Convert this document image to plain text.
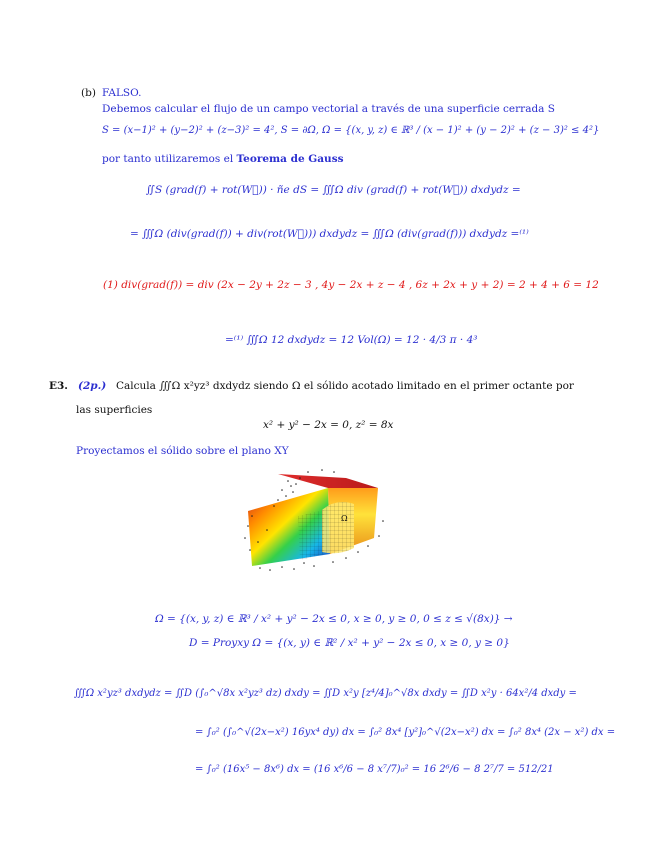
(b) FALSO.
Debemos calcular el flujo de un campo vectorial a través de una superficie cerrada S
S = (x−1)² + (y−2)² + (z−3)² = 4², S = ∂Ω, Ω = {(x, y, z) ∈ ℝ³ / (x − 1)² + (y − 2)² + (z − 3)² ≤ 4²}
por tanto utilizaremos el Teorema de Gauss
∬S (grad(f) + rot(W⃗)) · ñe dS = ∭Ω div (grad(f) + rot(W⃗)) dxdydz =
= ∭Ω (div(grad(f)) + div(rot(W⃗))) dxdydz = ∭Ω (div(grad(f))) dxdydz =⁽¹⁾
(1) div(grad(f)) = div (2x − 2y + 2z − 3 , 4y − 2x + z − 4 , 6z + 2x + y + 2) = 2 + 4 + 6 = 12
=⁽¹⁾ ∭Ω 12 dxdydz = 12 Vol(Ω) = 12 · 4/3 π · 4³
E3. (2p.) Calcula ∭Ω x²yz³ dxdydz siendo Ω el sólido acotado limitado en el primer octante por
las superficies
x² + y² − 2x = 0, z² = 8x
Proyectamos el sólido sobre el plano XY
Ω
Ω = {(x, y, z) ∈ ℝ³ / x² + y² − 2x ≤ 0, x ≥ 0, y ≥ 0, 0 ≤ z ≤ √(8x)} →
D = Proyxy Ω = {(x, y) ∈ ℝ² / x² + y² − 2x ≤ 0, x ≥ 0, y ≥ 0}
∭Ω x²yz³ dxdydz = ∬D (∫₀^√8x x²yz³ dz) dxdy = ∬D x²y [z⁴/4]₀^√8x dxdy = ∬D x²y · 64x²/4 dxdy =
= ∫₀² (∫₀^√(2x−x²) 16yx⁴ dy) dx = ∫₀² 8x⁴ [y²]₀^√(2x−x²) dx = ∫₀² 8x⁴ (2x − x²) dx =
= ∫₀² (16x⁵ − 8x⁶) dx = (16 x⁶/6 − 8 x⁷/7)₀² = 16 2⁶/6 − 8 2⁷/7 = 512/21
